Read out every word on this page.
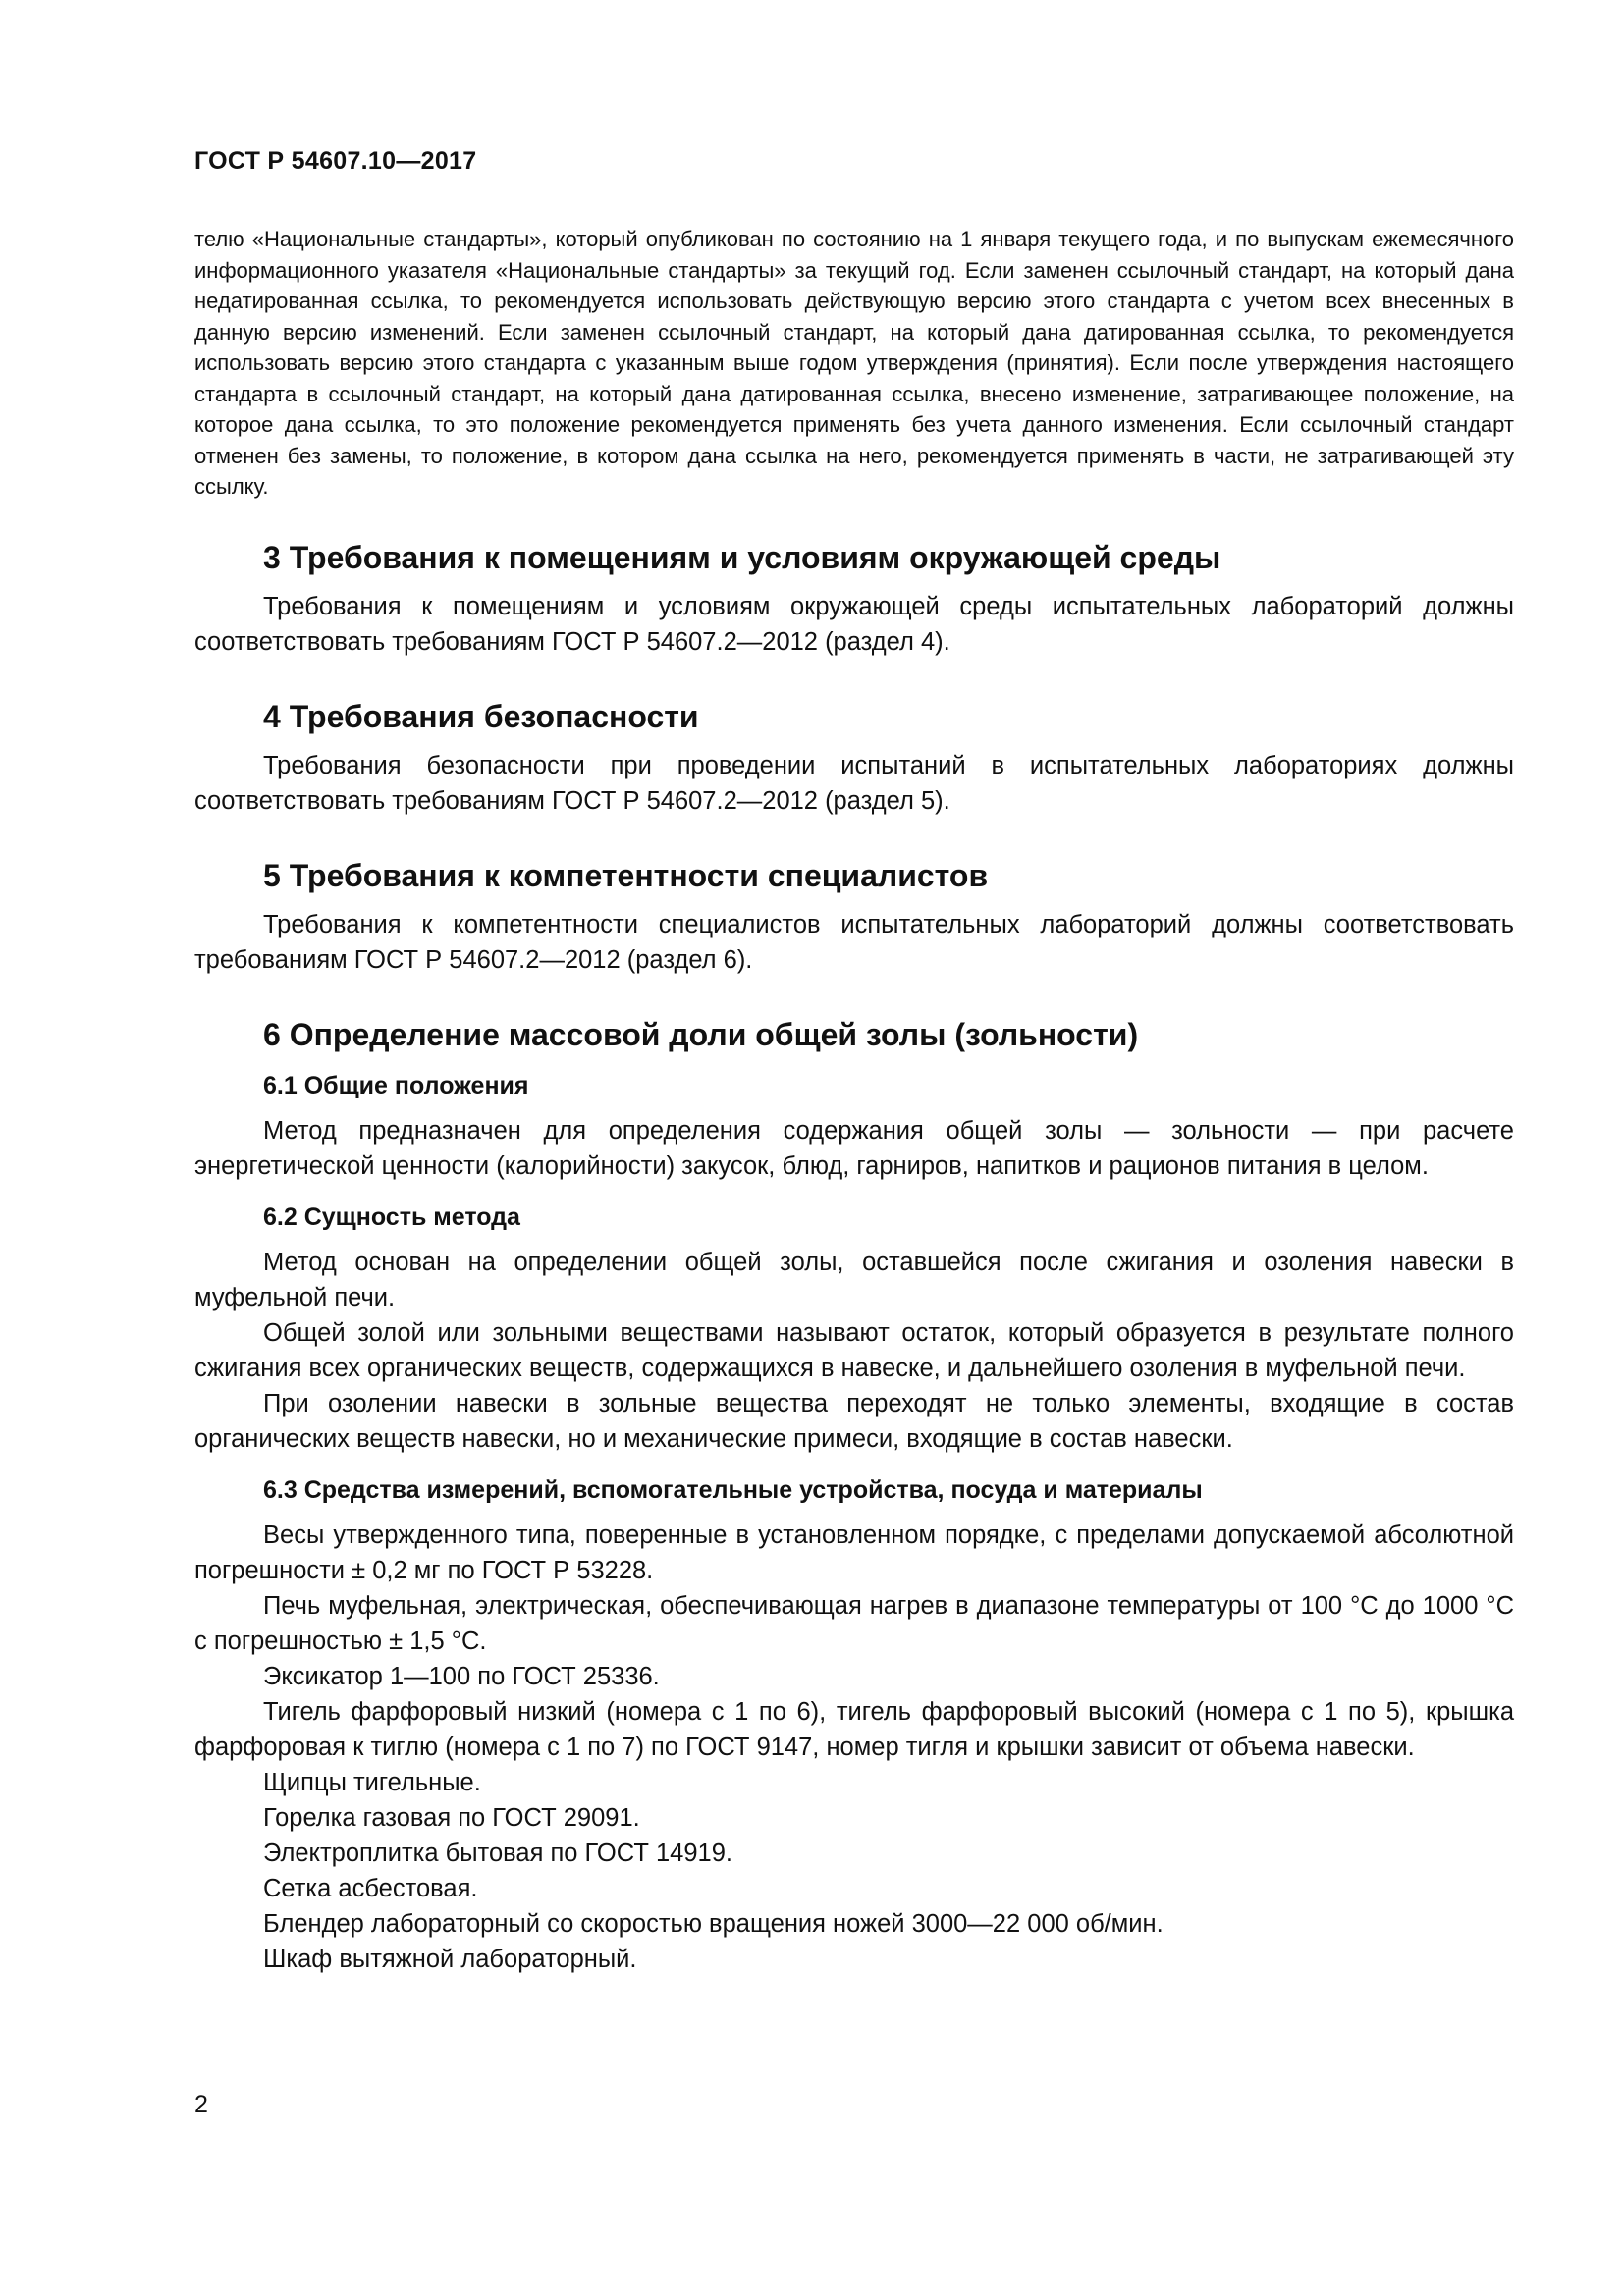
ГОСТ Р 54607.10—2017

телю «Национальные стандарты», который опубликован по состоянию на 1 января текущего года, и по выпускам ежемесячного информационного указателя «Национальные стандарты» за текущий год. Если заменен ссылочный стандарт, на который дана недатированная ссылка, то рекомендуется использовать действующую версию этого стандарта с учетом всех внесенных в данную версию изменений. Если заменен ссылочный стандарт, на который дана датированная ссылка, то рекомендуется использовать версию этого стандарта с указанным выше годом утверждения (принятия). Если после утверждения настоящего стандарта в ссылочный стандарт, на который дана датированная ссылка, внесено изменение, затрагивающее положение, на которое дана ссылка, то это положение рекомендуется применять без учета данного изменения. Если ссылочный стандарт отменен без замены, то положение, в котором дана ссылка на него, рекомендуется применять в части, не затрагивающей эту ссылку.

3 Требования к помещениям и условиям окружающей среды

Требования к помещениям и условиям окружающей среды испытательных лабораторий должны соответствовать требованиям ГОСТ Р 54607.2—2012 (раздел 4).

4 Требования безопасности

Требования безопасности при проведении испытаний в испытательных лабораториях должны соответствовать требованиям ГОСТ Р 54607.2—2012 (раздел 5).

5 Требования к компетентности специалистов

Требования к компетентности специалистов испытательных лабораторий должны соответствовать требованиям ГОСТ Р 54607.2—2012 (раздел 6).

6 Определение массовой доли общей золы (зольности)
6.1 Общие положения

Метод предназначен для определения содержания общей золы — зольности — при расчете энергетической ценности (калорийности) закусок, блюд, гарниров, напитков и рационов питания в целом.

6.2 Сущность метода

Метод основан на определении общей золы, оставшейся после сжигания и озоления навески в муфельной печи.

Общей золой или зольными веществами называют остаток, который образуется в результате полного сжигания всех органических веществ, содержащихся в навеске, и дальнейшего озоления в муфельной печи.

При озолении навески в зольные вещества переходят не только элементы, входящие в состав органических веществ навески, но и механические примеси, входящие в состав навески.

6.3 Средства измерений, вспомогательные устройства, посуда и материалы

Весы утвержденного типа, поверенные в установленном порядке, с пределами допускаемой абсолютной погрешности ± 0,2 мг по ГОСТ Р 53228.

Печь муфельная, электрическая, обеспечивающая нагрев в диапазоне температуры от 100 °С до 1000 °С с погрешностью ± 1,5 °С.

Эксикатор 1—100 по ГОСТ 25336.

Тигель фарфоровый низкий (номера с 1 по 6), тигель фарфоровый высокий (номера с 1 по 5), крышка фарфоровая к тиглю (номера с 1 по 7) по ГОСТ 9147, номер тигля и крышки зависит от объема навески.

Щипцы тигельные.

Горелка газовая по ГОСТ 29091.

Электроплитка бытовая по ГОСТ 14919.

Сетка асбестовая.

Блендер лабораторный со скоростью вращения ножей 3000—22 000 об/мин.

Шкаф вытяжной лабораторный.

2
